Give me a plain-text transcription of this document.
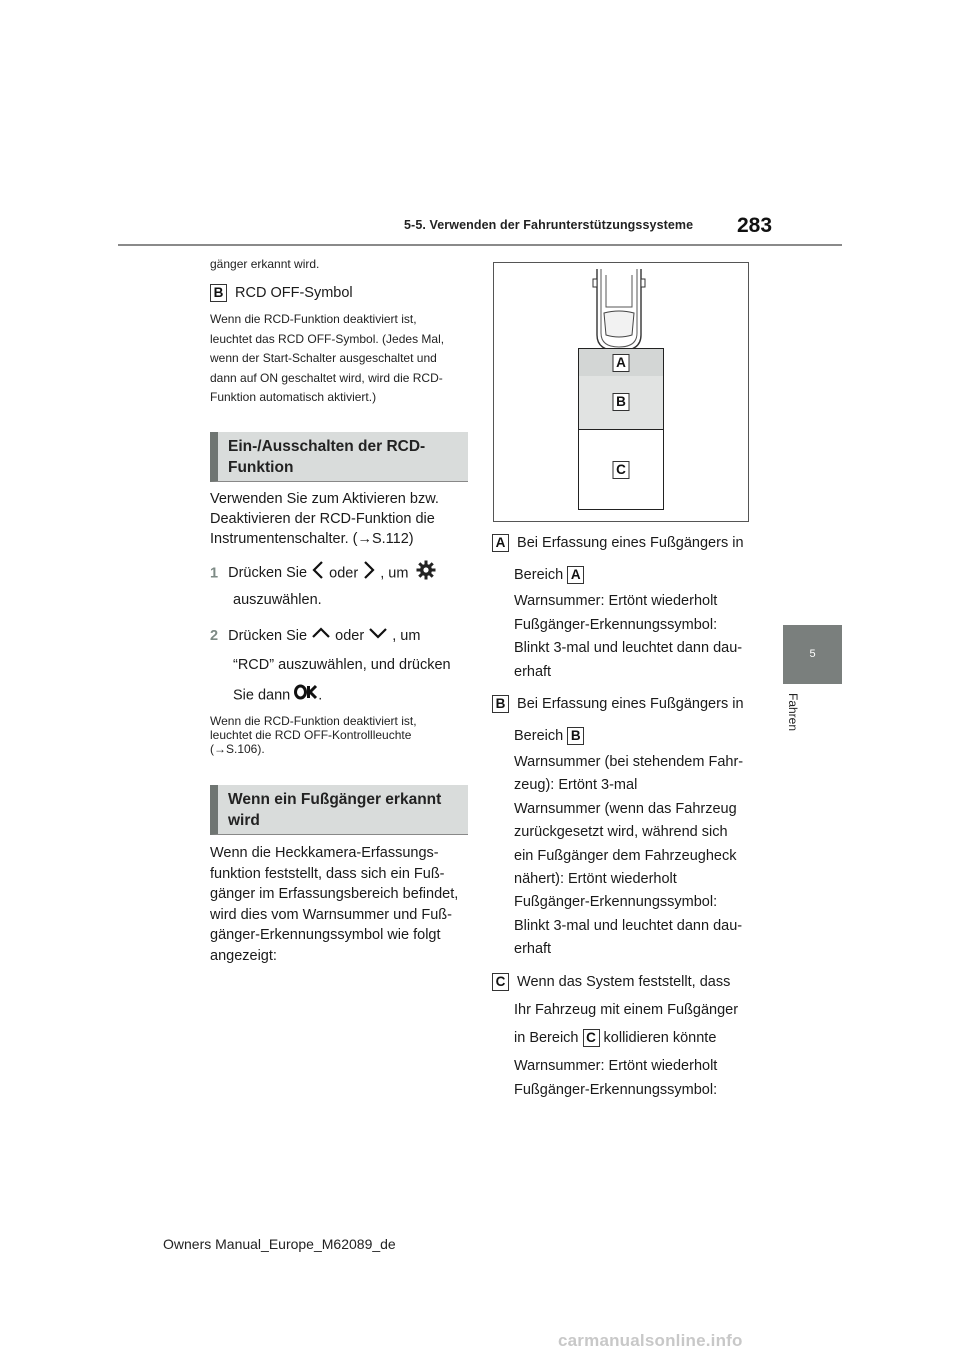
5-5. Verwenden der Fahrunterstützungssysteme 283
5
Fahren
gänger erkannt wird.
B RCD OFF-Symbol
Wenn die RCD-Funktion deaktiviert ist,
leuchtet das RCD OFF-Symbol. (Jedes Mal,
wenn der Start-Schalter ausgeschaltet und
dann auf ON geschaltet wird, wird die RCD-
Funktion automatisch aktiviert.)
Ein-/Ausschalten der RCD-
Funktion
Verwenden Sie zum Aktivieren bzw.
Deaktivieren der RCD-Funktion die
Instrumentenschalter. (→S.112)
1 Drücken Sie oder , um
auszuwählen.
2 Drücken Sie oder , um
“RCD” auszuwählen, und drücken
Sie dann .
Wenn die RCD-Funktion deaktiviert ist,
leuchtet die RCD OFF-Kontrollleuchte
(→S.106).
Wenn ein Fußgänger erkannt
wird
Wenn die Heckkamera-Erfassungs-
funktion feststellt, dass sich ein Fuß-
gänger im Erfassungsbereich befindet,
wird dies vom Warnsummer und Fuß-
gänger-Erkennungssymbol wie folgt
angezeigt:
A
B
C
A Bei Erfassung eines Fußgängers in
Bereich A
Warnsummer: Ertönt wiederholt
Fußgänger-Erkennungssymbol:
Blinkt 3-mal und leuchtet dann dau-
erhaft
B Bei Erfassung eines Fußgängers in
Bereich B
Warnsummer (bei stehendem Fahr-
zeug): Ertönt 3-mal
Warnsummer (wenn das Fahrzeug
zurückgesetzt wird, während sich
ein Fußgänger dem Fahrzeugheck
nähert): Ertönt wiederholt
Fußgänger-Erkennungssymbol:
Blinkt 3-mal und leuchtet dann dau-
erhaft
C Wenn das System feststellt, dass
Ihr Fahrzeug mit einem Fußgänger
in Bereich C kollidieren könnte
Warnsummer: Ertönt wiederholt
Fußgänger-Erkennungssymbol:
Owners Manual_Europe_M62089_de
carmanualsonline.info
